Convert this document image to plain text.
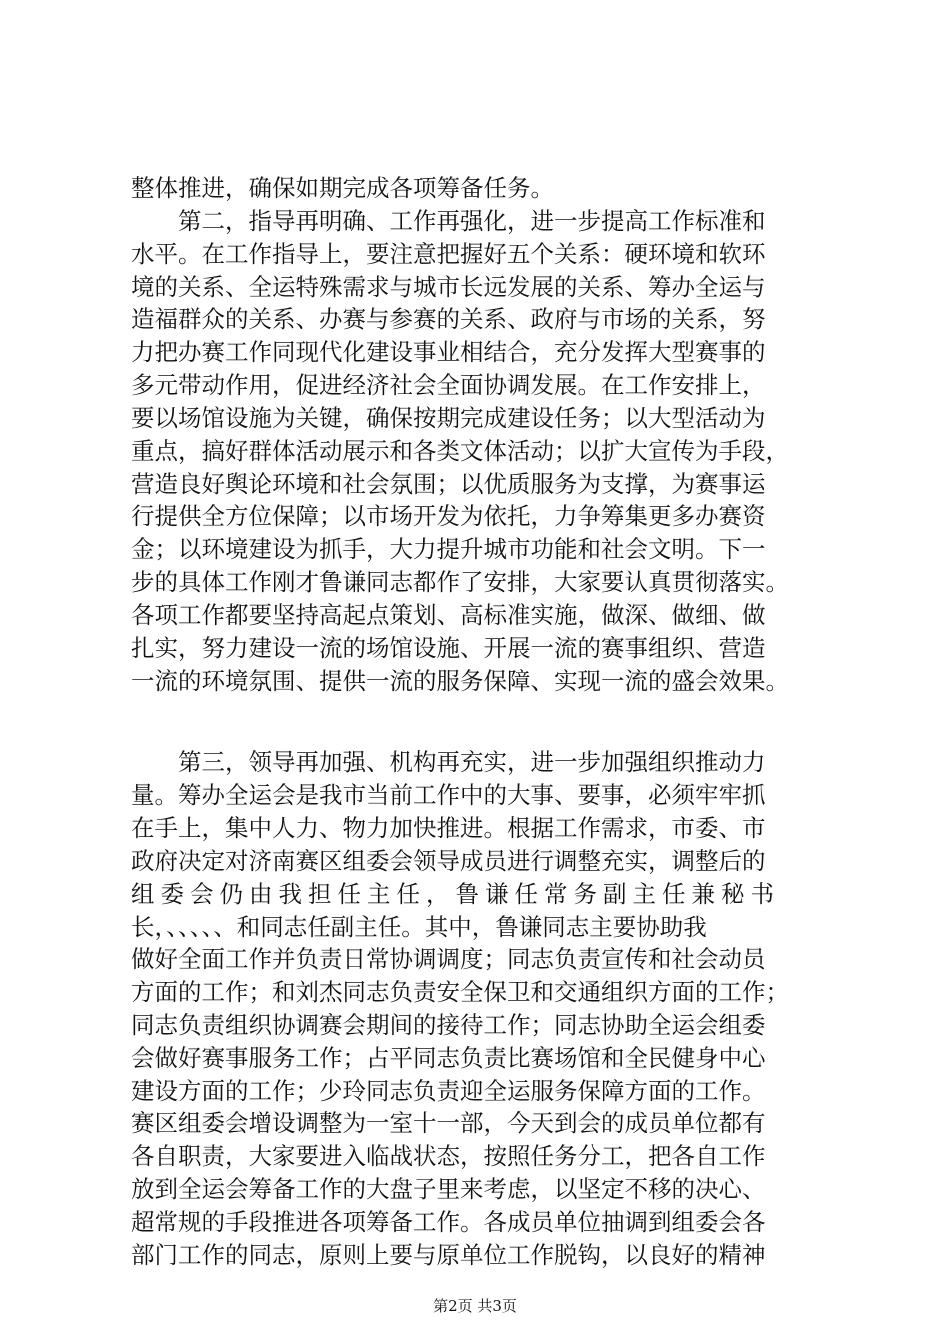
整体推进，确保如期完成各项筹备任务。
　　第二，指导再明确、工作再强化，进一步提高工作标准和
水平。在工作指导上，要注意把握好五个关系：硬环境和软环
境的关系、全运特殊需求与城市长远发展的关系、筹办全运与
造福群众的关系、办赛与参赛的关系、政府与市场的关系，努
力把办赛工作同现代化建设事业相结合，充分发挥大型赛事的
多元带动作用，促进经济社会全面协调发展。在工作安排上，
要以场馆设施为关键，确保按期完成建设任务；以大型活动为
重点，搞好群体活动展示和各类文体活动；以扩大宣传为手段，
营造良好舆论环境和社会氛围；以优质服务为支撑，为赛事运
行提供全方位保障；以市场开发为依托，力争筹集更多办赛资
金；以环境建设为抓手，大力提升城市功能和社会文明。下一
步的具体工作刚才鲁谦同志都作了安排，大家要认真贯彻落实。
各项工作都要坚持高起点策划、高标准实施，做深、做细、做
扎实，努力建设一流的场馆设施、开展一流的赛事组织、营造
一流的环境氛围、提供一流的服务保障、实现一流的盛会效果。
　　第三，领导再加强、机构再充实，进一步加强组织推动力
量。筹办全运会是我市当前工作中的大事、要事，必须牢牢抓
在手上，集中人力、物力加快推进。根据工作需求，市委、市
政府决定对济南赛区组委会领导成员进行调整充实，调整后的
组委会仍由我担任主任，鲁谦任常务副主任兼秘书
长，、、、、、和同志任副主任。其中，鲁谦同志主要协助我
做好全面工作并负责日常协调调度；同志负责宣传和社会动员
方面的工作；和刘杰同志负责安全保卫和交通组织方面的工作；
同志负责组织协调赛会期间的接待工作；同志协助全运会组委
会做好赛事服务工作；占平同志负责比赛场馆和全民健身中心
建设方面的工作；少玲同志负责迎全运服务保障方面的工作。
赛区组委会增设调整为一室十一部，今天到会的成员单位都有
各自职责，大家要进入临战状态，按照任务分工，把各自工作
放到全运会筹备工作的大盘子里来考虑，以坚定不移的决心、
超常规的手段推进各项筹备工作。各成员单位抽调到组委会各
部门工作的同志，原则上要与原单位工作脱钩，以良好的精神
第2页 共3页
